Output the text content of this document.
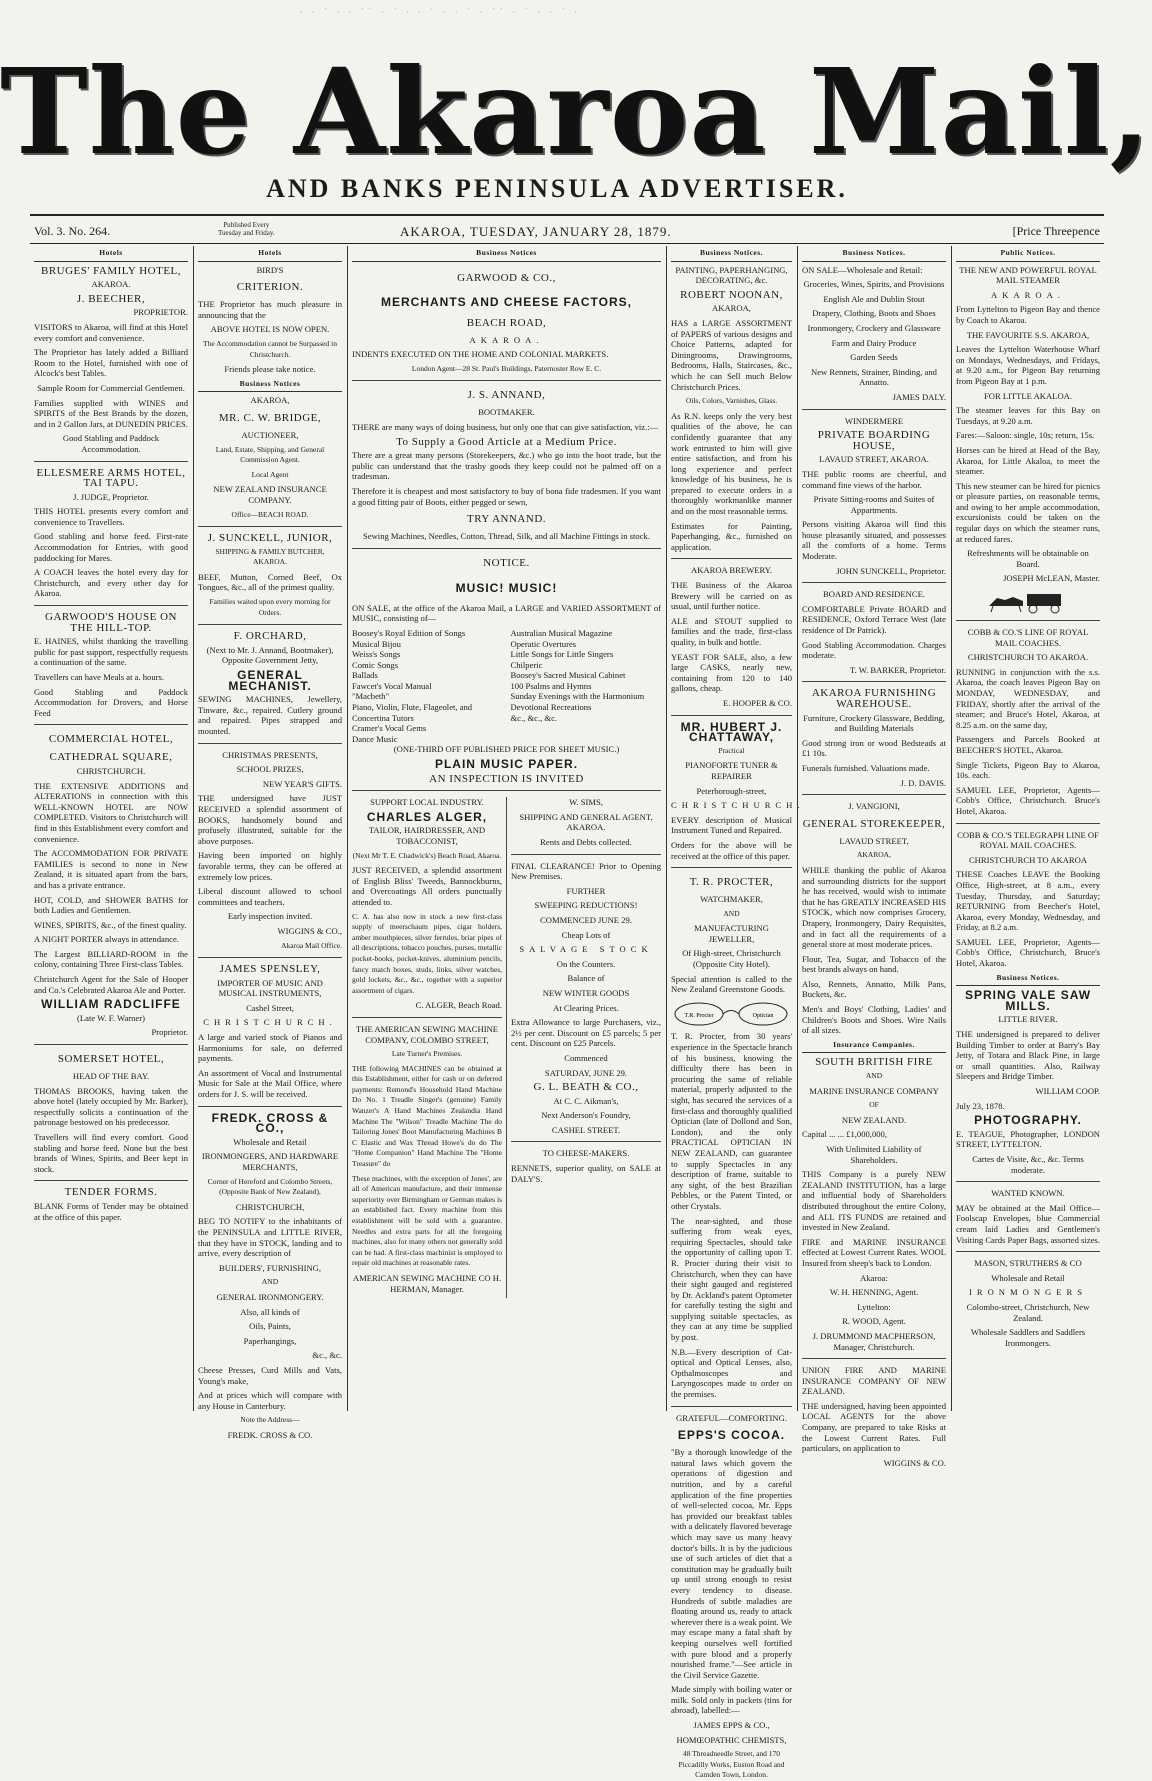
· · ˙ · · ˙˙ · ˙ · · ˙ · · ˙ · ˙˙ · ˙ · · ˙ ·
The Akaroa Mail,
AND BANKS PENINSULA ADVERTISER.
Vol. 3. No. 264.	Published Every
Tuesday and Friday.	AKAROA, TUESDAY, JANUARY 28, 1879.	[Price Threepence
Hotels
BRUGES' FAMILY HOTEL,

AKAROA.

J. BEECHER,

PROPRIETOR.

VISITORS to Akaroa, will find at this Hotel every comfort and convenience.

The Proprietor has lately added a Billiard Room to the Hotel, furnished with one of Alcock's best Tables.

Sample Room for Commercial Gentlemen.

Families supplied with WINES and SPIRITS of the Best Brands by the dozen, and in 2 Gallon Jars, at DUNEDIN PRICES.

Good Stabling and Paddock Accommodation.

ELLESMERE ARMS HOTEL, TAI TAPU.

J. JUDGE, Proprietor.

THIS HOTEL presents every comfort and convenience to Travellers.

Good stabling and horse feed. First-rate Accommodation for Entries, with good paddocking for Mares.

A COACH leaves the hotel every day for Christchurch, and every other day for Akaroa.

GARWOOD'S HOUSE ON THE HILL-TOP.

E. HAINES, whilst thanking the travelling public for past support, respectfully requests a continuation of the same.

Travellers can have Meals at a. hours.

Good Stabling and Paddock Accommodation for Drovers, and Horse Feed

COMMERCIAL HOTEL,
CATHEDRAL SQUARE,

CHRISTCHURCH.

THE EXTENSIVE ADDITIONS and ALTERATIONS in connection with this WELL-KNOWN HOTEL are NOW COMPLETED. Visitors to Christchurch will find in this Establishment every comfort and convenience.

The ACCOMMODATION FOR PRIVATE FAMILIES is second to none in New Zealand, it is situated apart from the bars, and has a private entrance.

HOT, COLD, and SHOWER BATHS for both Ladies and Gentlemen.

WINES, SPIRITS, &c., of the finest quality.

A NIGHT PORTER always in attendance.

The Largest BILLIARD-ROOM in the colony, containing Three First-class Tables.

Christchurch Agent for the Sale of Hooper and Co.'s Celebrated Akaroa Ale and Porter.

WILLIAM RADCLIFFE

(Late W. F. Warner)

Proprietor.

SOMERSET HOTEL,

HEAD OF THE BAY.

THOMAS BROOKS, having taken the above hotel (lately occupied by Mr. Barker), respectfully solicits a continuation of the patronage bestowed on his predecessor.

Travellers will find every comfort. Good stabling and horse feed. None but the best brands of Wines, Spirits, and Beer kept in stock.

TENDER FORMS.

BLANK Forms of Tender may be obtained at the office of this paper.

Hotels

BIRD'S

CRITERION.

THE Proprietor has much pleasure in announcing that the

ABOVE HOTEL IS NOW OPEN.

The Accommodation cannot be Surpassed in Christchurch.

Friends please take notice.

Business Notices

AKAROA,

MR. C. W. BRIDGE,

AUCTIONEER,

Land, Estate, Shipping, and General Commission Agent.

Local Agent

NEW ZEALAND INSURANCE COMPANY.

Office—BEACH ROAD.

J. SUNCKELL, JUNIOR,

SHIPPING & FAMILY BUTCHER, AKAROA.

BEEF, Mutton, Corned Beef, Ox Tongues, &c., all of the primest quality.

Families waited upon every morning for Orders.

F. ORCHARD,

(Next to Mr. J. Annand, Bootmaker), Opposite Government Jetty,

GENERAL MECHANIST.

SEWING MACHINES, Jewellery, Tinware, &c., repaired. Cutlery ground and repaired. Pipes strapped and mounted.

CHRISTMAS PRESENTS,

SCHOOL PRIZES,

NEW YEAR'S GIFTS.

THE undersigned have JUST RECEIVED a splendid assortment of BOOKS, handsomely bound and profusely illustrated, suitable for the above purposes.

Having been imported on highly favorable terms, they can be offered at extremely low prices.

Liberal discount allowed to school committees and teachers.

Early inspection invited.

WIGGINS & CO.,

Akaroa Mail Office.

JAMES SPENSLEY,

IMPORTER OF MUSIC AND MUSICAL INSTRUMENTS,

Cashel Street,

CHRISTCHURCH.

A large and varied stock of Pianos and Harmoniums for sale, on deferred payments.

An assortment of Vocal and Instrumental Music for Sale at the Mail Office, where orders for J. S. will be received.

FREDK. CROSS & CO.,

Wholesale and Retail

IRONMONGERS, AND HARDWARE MERCHANTS,

Corner of Hereford and Colombo Streets, (Opposite Bank of New Zealand),

CHRISTCHURCH,

BEG TO NOTIFY to the inhabitants of the PENINSULA and LITTLE RIVER, that they have in STOCK, landing and to arrive, every description of

BUILDERS', FURNISHING,

AND

GENERAL IRONMONGERY.

Also, all kinds of

Oils, Paints,

Paperhangings,

&c., &c.

Cheese Presses, Curd Mills and Vats, Young's make,

And at prices which will compare with any House in Canterbury.

Note the Address—

FREDK. CROSS & CO.

Business Notices
GARWOOD & CO.,
MERCHANTS AND CHEESE FACTORS,
BEACH ROAD,

AKAROA.

INDENTS EXECUTED ON THE HOME AND COLONIAL MARKETS.

London Agent—28 St. Paul's Buildings, Paternoster Row E. C.

J. S. ANNAND,

BOOTMAKER.

THERE are many ways of doing business, but only one that can give satisfaction, viz.:—

To Supply a Good Article at a Medium Price.

There are a great many persons (Storekeepers, &c.) who go into the boot trade, but the public can understand that the trashy goods they keep could not be palmed off on a tradesman.

Therefore it is cheapest and most satisfactory to buy of bona fide tradesmen. If you want a good fitting pair of Boots, either pegged or sewn,

TRY ANNAND.

Sewing Machines, Needles, Cotton, Thread, Silk, and all Machine Fittings in stock.

NOTICE.
MUSIC! MUSIC!

ON SALE, at the office of the Akaroa Mail, a LARGE and VARIED ASSORTMENT of MUSIC, consisting of—

Boosey's Royal Edition of Songs
Musical Bijou
Weiss's Songs
Comic Songs
Ballads
Fawcet's Vocal Manual
"Macbeth"
Piano, Violin, Flute, Flageolet, and Concertina Tutors
Cramer's Vocal Gems
Dance Music
Australian Musical Magazine
Operatic Overtures
Little Songs for Little Singers
Chilperic
Boosey's Sacred Musical Cabinet
100 Psalms and Hymns
Sunday Evenings with the Harmonium
Devotional Recreations
&c., &c., &c.

(ONE-THIRD OFF PUBLISHED PRICE FOR SHEET MUSIC.)

PLAIN MUSIC PAPER.
AN INSPECTION IS INVITED

SUPPORT LOCAL INDUSTRY.

CHARLES ALGER,

TAILOR, HAIRDRESSER, AND TOBACCONIST,

(Next Mr T. E. Chadwick's) Beach Road, Akaroa.

JUST RECEIVED, a splendid assortment of English Bliss' Tweeds, Bannockburns, and Overcoatings All orders punctually attended to.

C. A. has also now in stock a new first-class supply of meerschaum pipes, cigar holders, amber mouthpieces, silver ferrules, briar pipes of all descriptions, tobacco pouches, purses, metallic pocket-books, pocket-knives, aluminium pencils, fancy match boxes, studs, links, silver watches, gold lockets, &c., &c., together with a superior assortment of cigars.

C. ALGER, Beach Road.

THE AMERICAN SEWING MACHINE COMPANY, COLOMBO STREET,

Late Turner's Premises.

THE following MACHINES can be obtained at this Establishment, either for cash or on deferred payments: Remond's Household Hand Machine Do No. 1 Treadle Singer's (genuine) Family Wanzer's A Hand Machines Zealandia Hand Machine The "Wilson" Treadle Machine The do Tailoring Jones' Boot Manufacturing Machines B C Elastic and Wax Thread Howe's do do The "Home Companion" Hand Machine The "Home Treasure" do

These machines, with the exception of Jones', are all of American manufacture, and their immense superiority over Birmingham or German makes is an established fact. Every machine from this establishment will be sold with a guarantee. Needles and extra parts for all the foregoing machines, also for many others not generally sold can be had. A first-class machinist is employed to repair old machines at reasonable rates.

AMERICAN SEWING MACHINE CO H. HERMAN, Manager.

W. SIMS,

SHIPPING AND GENERAL AGENT, AKAROA.

Rents and Debts collected.

FINAL CLEARANCE! Prior to Opening New Premises.

FURTHER

SWEEPING REDUCTIONS!

COMMENCED JUNE 29.

Cheap Lots of

SALVAGE STOCK

On the Counters.

Balance of

NEW WINTER GOODS

At Clearing Prices.

Extra Allowance to large Purchasers, viz., 2½ per cent. Discount on £5 parcels; 5 per cent. Discount on £25 Parcels.

Commenced

SATURDAY, JUNE 29.

G. L. BEATH & CO.,

At C. C. Aikman's,

Next Anderson's Foundry,

CASHEL STREET.

TO CHEESE-MAKERS.

RENNETS, superior quality, on SALE at DALY'S.

Business Notices.

PAINTING, PAPERHANGING, DECORATING, &c.

ROBERT NOONAN,

AKAROA,

HAS a LARGE ASSORTMENT of PAPERS of various designs and Choice Patterns, adapted for Diningrooms, Drawingrooms, Bedrooms, Halls, Staircases, &c., which he can Sell much Below Christchurch Prices.

Oils, Colors, Varnishes, Glass.

As R.N. keeps only the very best qualities of the above, he can confidently guarantee that any work entrusted to him will give entire satisfaction, and from his long experience and perfect knowledge of his business, he is prepared to execute orders in a thoroughly workmanlike manner and on the most reasonable terms.

Estimates for Painting, Paperhanging, &c., furnished on application.

AKAROA BREWERY.

THE Business of the Akaroa Brewery will be carried on as usual, until further notice.

ALE and STOUT supplied to families and the trade, first-class quality, in bulk and bottle.

YEAST FOR SALE, also, a few large CASKS, nearly new, containing from 120 to 140 gallons, cheap.

E. HOOPER & CO.

MR. HUBERT J. CHATTAWAY,

Practical

PIANOFORTE TUNER & REPAIRER

Peterborough-street,

CHRISTCHURCH.

EVERY description of Musical Instrument Tuned and Repaired.

Orders for the above will be received at the office of this paper.

T. R. PROCTER,

WATCHMAKER,

AND

MANUFACTURING JEWELLER,

Of High-street, Christchurch (Opposite City Hotel).

Special attention is called to the New Zealand Greenstone Goods.

T.R. Procter	Optician

T. R. Procter, from 30 years' experience in the Spectacle branch of his business, knowing the difficulty there has been in procuring the same of reliable material, properly adjusted to the sight, has secured the services of a first-class and thoroughly qualified Optician (late of Dollond and Son, London), and the only PRACTICAL OPTICIAN IN NEW ZEALAND, can guarantee to supply Spectacles in any description of frame, suitable to any sight, of the best Brazilian Pebbles, or the Patent Tinted, or other Crystals.

The near-sighted, and those suffering from weak eyes, requiring Spectacles, should take the opportunity of calling upon T. R. Procter during their visit to Christchurch, when they can have their sight gauged and registered by Dr. Ackland's patent Optometer for carefully testing the sight and supplying suitable spectacles, as they can at any time be supplied by post.

N.B.—Every description of Cat-optical and Optical Lenses, also, Opthalmoscopes and Laryngoscopes made to order on the premises.

GRATEFUL—COMFORTING.

EPPS'S COCOA.

"By a thorough knowledge of the natural laws which govern the operations of digestion and nutrition, and by a careful application of the fine properties of well-selected cocoa, Mr. Epps has provided our breakfast tables with a delicately flavored beverage which may save us many heavy doctor's bills. It is by the judicious use of such articles of diet that a constitution may be gradually built up until strong enough to resist every tendency to disease. Hundreds of subtle maladies are floating around us, ready to attack wherever there is a weak point. We may escape many a fatal shaft by keeping ourselves well fortified with pure blood and a properly nourished frame."—See article in the Civil Service Gazette.

Made simply with boiling water or milk. Sold only in packets (tins for abroad), labelled:—

JAMES EPPS & CO.,

HOMŒOPATHIC CHEMISTS,

48 Threadneedle Street, and 170 Piccadilly Works, Euston Road and Camden Town, London.

Business Notices.

ON SALE—Wholesale and Retail:

Groceries, Wines, Spirits, and Provisions

English Ale and Dublin Stout

Drapery, Clothing, Boots and Shoes

Ironmongery, Crockery and Glassware

Farm and Dairy Produce

Garden Seeds

New Rennets, Strainer, Binding, and Annatto.

JAMES DALY.

WINDERMERE

PRIVATE BOARDING HOUSE,

LAVAUD STREET, AKAROA.

THE public rooms are cheerful, and command fine views of the harbor.

Private Sitting-rooms and Suites of Appartments.

Persons visiting Akaroa will find this house pleasantly situated, and possesses all the comforts of a home. Terms Moderate.

JOHN SUNCKELL, Proprietor.

BOARD AND RESIDENCE.

COMFORTABLE Private BOARD and RESIDENCE, Oxford Terrace West (late residence of Dr Patrick).

Good Stabling Accommodation. Charges moderate.

T. W. BARKER, Proprietor.

AKAROA FURNISHING WAREHOUSE.

Furniture, Crockery Glassware, Bedding, and Building Materials

Good strong iron or wood Bedsteads at £1 10s.

Funerals furnished. Valuations made.

J. D. DAVIS.

J. VANGIONI,

GENERAL STOREKEEPER,

LAVAUD STREET,

AKAROA,

WHILE thanking the public of Akaroa and surrounding districts for the support he has received, would wish to intimate that he has GREATLY INCREASED HIS STOCK, which now comprises Grocery, Drapery, Ironmongery, Dairy Requisites, and in fact all the requirements of a general store at most moderate prices.

Flour, Tea, Sugar, and Tobacco of the best brands always on hand.

Also, Rennets, Annatto, Milk Pans, Buckets, &c.

Men's and Boys' Clothing, Ladies' and Children's Boots and Shoes. Wire Nails of all sizes.

Insurance Companies.
SOUTH BRITISH FIRE

AND

MARINE INSURANCE COMPANY

OF

NEW ZEALAND.

Capital ... ... £1,000,000,

With Unlimited Liability of Shareholders.

THIS Company is a purely NEW ZEALAND INSTITUTION, has a large and influential body of Shareholders distributed throughout the entire Colony, and ALL ITS FUNDS are retained and invested in New Zealand.

FIRE and MARINE INSURANCE effected at Lowest Current Rates. WOOL Insured from sheep's back to London.

Akaroa:

W. H. HENNING, Agent.

Lyttelton:

R. WOOD, Agent.

J. DRUMMOND MACPHERSON, Manager, Christchurch.

UNION FIRE AND MARINE INSURANCE COMPANY OF NEW ZEALAND.

THE undersigned, having been appointed LOCAL AGENTS for the above Company, are prepared to take Risks at the Lowest Current Rates. Full particulars, on application to

WIGGINS & CO.

Public Notices.

THE NEW AND POWERFUL ROYAL MAIL STEAMER

AKAROA.

From Lyttelton to Pigeon Bay and thence by Coach to Akaroa.

THE FAVOURITE S.S. AKAROA,

Leaves the Lyttelton Waterhouse Wharf on Mondays, Wednesdays, and Fridays, at 9.20 a.m., for Pigeon Bay returning from Pigeon Bay at 1 p.m.

FOR LITTLE AKALOA.

The steamer leaves for this Bay on Tuesdays, at 9.20 a.m.

Fares:—Saloon: single, 10s; return, 15s.

Horses can be hired at Head of the Bay, Akaroa, for Little Akaloa, to meet the steamer.

This new steamer can be hired for picnics or pleasure parties, on reasonable terms, and owing to her ample accommodation, excursionists could be taken on the regular days on which the steamer runs, at reduced fares.

Refreshments will be obtainable on Board.

JOSEPH McLEAN, Master.

COBB & CO.'S LINE OF ROYAL MAIL COACHES.

CHRISTCHURCH TO AKAROA.

RUNNING in conjunction with the s.s. Akaroa, the coach leaves Pigeon Bay on MONDAY, WEDNESDAY, and FRIDAY, shortly after the arrival of the steamer; and Bruce's Hotel, Akaroa, at 8.25 a.m. on the same day,

Passengers and Parcels Booked at BEECHER'S HOTEL, Akaroa.

Single Tickets, Pigeon Bay to Akaroa, 10s. each.

SAMUEL LEE, Proprietor, Agents— Cobb's Office, Christchurch. Bruce's Hotel, Akaroa.

COBB & CO.'S TELEGRAPH LINE OF ROYAL MAIL COACHES.

CHRISTCHURCH TO AKAROA

THESE Coaches LEAVE the Booking Office, High-street, at 8 a.m., every Tuesday, Thursday, and Saturday; RETURNING from Beecher's Hotel, Akaroa, every Monday, Wednesday, and Friday, at 8.2 a.m.

SAMUEL LEE, Proprietor, Agents— Cobb's Office, Christchurch, Bruce's Hotel, Akaroa.

Business Notices.
SPRING VALE SAW MILLS.

LITTLE RIVER.

THE undersigned is prepared to deliver Building Timber to order at Barry's Bay Jetty, of Totara and Black Pine, in large or small quantities. Also, Railway Sleepers and Bridge Timber.

WILLIAM COOP.

July 23, 1878.

PHOTOGRAPHY.

E. TEAGUE, Photographer, LONDON STREET, LYTTELTON.

Cartes de Visite, &c., &c. Terms moderate.

WANTED KNOWN.

MAY be obtained at the Mail Office— Foolscap Envelopes, blue Commercial cream laid Ladies and Gentlemen's Visiting Cards Paper Bags, assorted sizes.

MASON, STRUTHERS & CO

Wholesale and Retail

IRONMONGERS

Colombo-street, Christchurch, New Zealand.

Wholesale Saddlers and Saddlers Ironmongers.
